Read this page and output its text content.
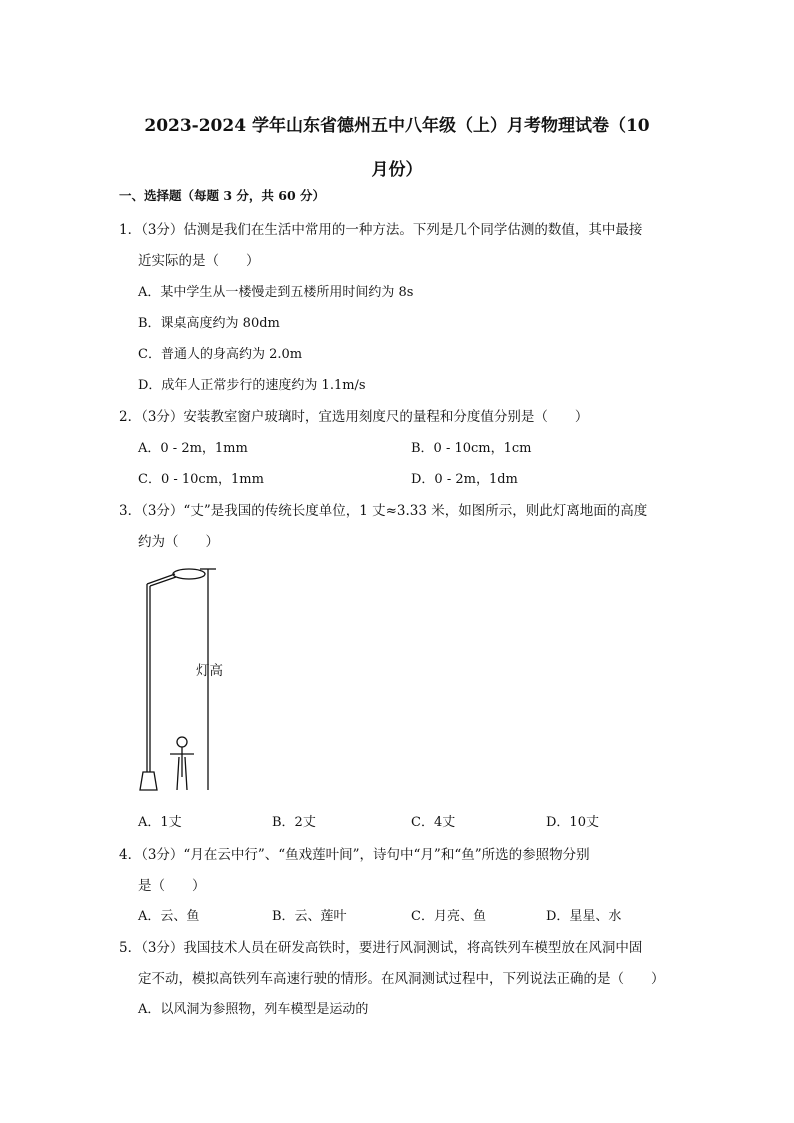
2023-2024 学年山东省德州五中八年级（上）月考物理试卷（10
月份）
一、选择题（每题 3 分，共 60 分）
1．（3分）估测是我们在生活中常用的一种方法。下列是几个同学估测的数值，其中最接
近实际的是（　　）
A．某中学生从一楼慢走到五楼所用时间约为 8s
B．课桌高度约为 80dm
C．普通人的身高约为 2.0m
D．成年人正常步行的速度约为 1.1m/s
2．（3分）安装教室窗户玻璃时，宜选用刻度尺的量程和分度值分别是（　　）
A．0 - 2m，1mm	B．0 - 10cm，1cm
C．0 - 10cm，1mm	D．0 - 2m，1dm
3．（3分）“丈”是我国的传统长度单位，1 丈≈3.33 米，如图所示，则此灯离地面的高度
约为（　　）
灯高
A．1丈	B．2丈	C．4丈	D．10丈
4．（3分）“月在云中行”、“鱼戏莲叶间”，诗句中“月”和“鱼”所选的参照物分别
是（　　）
A．云、鱼	B．云、莲叶	C．月亮、鱼	D．星星、水
5．（3分）我国技术人员在研发高铁时，要进行风洞测试，将高铁列车模型放在风洞中固
定不动，模拟高铁列车高速行驶的情形。在风洞测试过程中，下列说法正确的是（　　）
A．以风洞为参照物，列车模型是运动的
